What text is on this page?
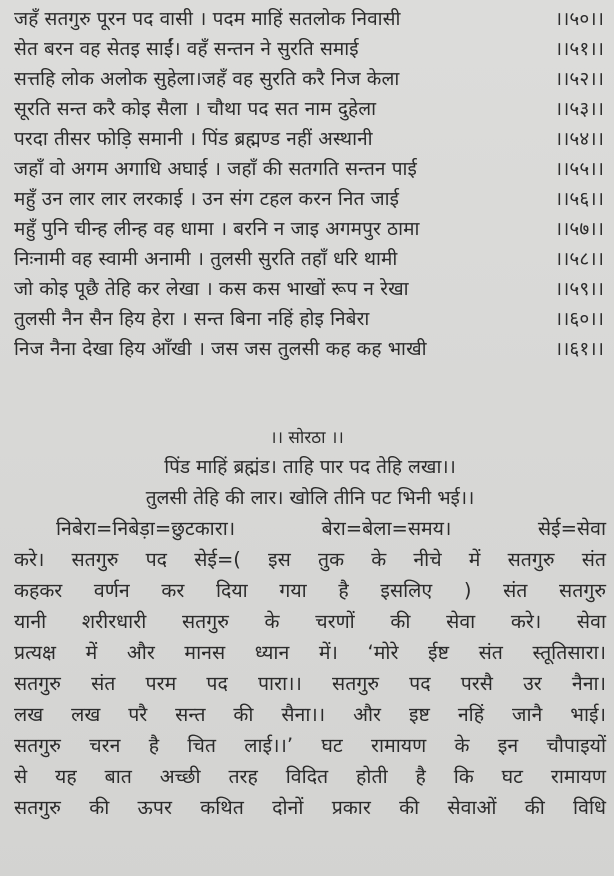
जहँ सतगुरु पूरन पद वासी । पदम माहिं सतलोक निवासी	।।५०।।
सेत बरन वह सेतइ साईं। वहँ सन्तन ने सुरति समाई	।।५१।।
सत्तहि लोक अलोक सुहेला।जहँ वह सुरति करै निज केला	।।५२।।
सूरति सन्त करै कोइ सैला । चौथा पद सत नाम दुहेला	।।५३।।
परदा तीसर फोड़ि समानी । पिंड ब्रह्मण्ड नहीं अस्थानी	।।५४।।
जहाँ वो अगम अगाधि अघाई । जहाँ की सतगति सन्तन पाई	।।५५।।
महुँ उन लार लार लरकाई । उन संग टहल करन नित जाई	।।५६।।
महुँ पुनि चीन्ह लीन्ह वह धामा । बरनि न जाइ अगमपुर ठामा	।।५७।।
निःनामी वह स्वामी अनामी । तुलसी सुरति तहाँ धरि थामी	।।५८।।
जो कोइ पूछै तेहि कर लेखा । कस कस भाखों रूप न रेखा	।।५९।।
तुलसी नैन सैन हिय हेरा । सन्त बिना नहिं होइ निबेरा	।।६०।।
निज नैना देखा हिय आँखी । जस जस तुलसी कह कह भाखी	।।६१।।
।। सोरठा ।।
पिंड माहिं ब्रह्मंड। ताहि पार पद तेहि लखा।।
तुलसी तेहि की लार। खोलि तीनि पट भिनी भई।।
निबेरा=निबेड़ा=छुटकारा। बेरा=बेला=समय। सेई=सेवा
करे। सतगुरु पद सेई=( इस तुक के नीचे में सतगुरु संत
कहकर वर्णन कर दिया गया है इसलिए ) संत सतगुरु
यानी शरीरधारी सतगुरु के चरणों की सेवा करे। सेवा
प्रत्यक्ष में और मानस ध्यान में। ‘मोरे ईष्ट संत स्तूतिसारा।
सतगुरु संत परम पद पारा।। सतगुरु पद परसै उर नैना।
लख लख परै सन्त की सैना।। और इष्ट नहिं जानै भाई।
सतगुरु चरन है चित लाई।।’ घट रामायण के इन चौपाइयों
से यह बात अच्छी तरह विदित होती है कि घट रामायण
सतगुरु की ऊपर कथित दोनों प्रकार की सेवाओं की विधि
